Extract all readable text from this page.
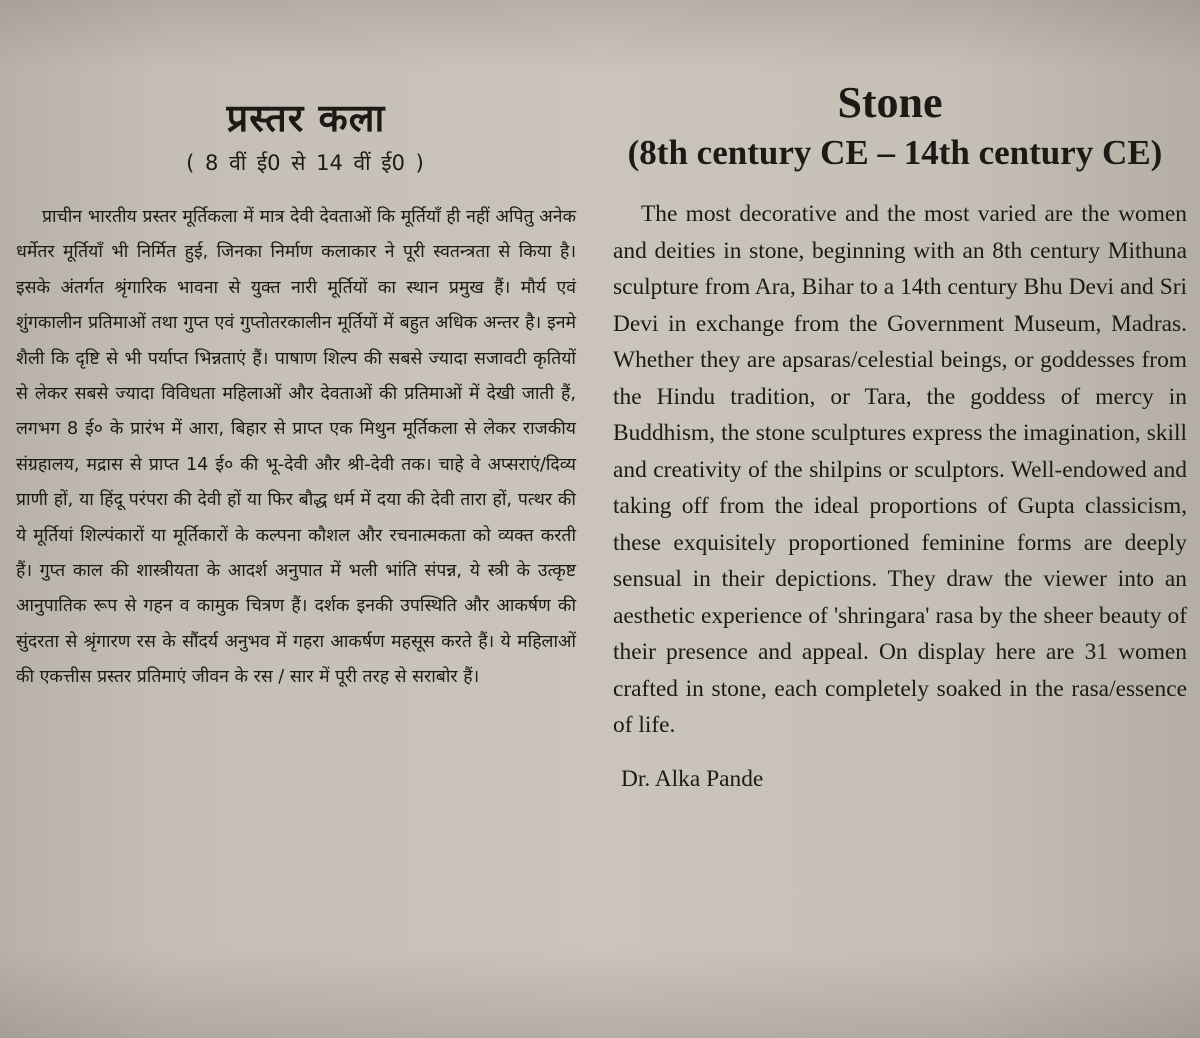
प्रस्तर कला
( 8 वीं ई0 से 14 वीं ई0 )
प्राचीन भारतीय प्रस्तर मूर्तिकला में मात्र देवी देवताओं कि मूर्तियाँ ही नहीं अपितु अनेक धर्मेतर मूर्तियाँ भी निर्मित हुई, जिनका निर्माण कलाकार ने पूरी स्वतन्त्रता से किया है। इसके अंतर्गत श्रृंगारिक भावना से युक्त नारी मूर्तियों का स्थान प्रमुख हैं। मौर्य एवं शुंगकालीन प्रतिमाओं तथा गुप्त एवं गुप्तोतरकालीन मूर्तियों में बहुत अधिक अन्तर है। इनमे शैली कि दृष्टि से भी पर्याप्त भिन्नताएं हैं। पाषाण शिल्प की सबसे ज्यादा सजावटी कृतियों से लेकर सबसे ज्यादा विविधता महिलाओं और देवताओं की प्रतिमाओं में देखी जाती हैं, लगभग 8 ई० के प्रारंभ में आरा, बिहार से प्राप्त एक मिथुन मूर्तिकला से लेकर राजकीय संग्रहालय, मद्रास से प्राप्त 14 ई० की भू-देवी और श्री-देवी तक। चाहे वे अप्सराएं/दिव्य प्राणी हों, या हिंदू परंपरा की देवी हों या फिर बौद्ध धर्म में दया की देवी तारा हों, पत्थर की ये मूर्तियां शिल्पंकारों या मूर्तिकारों के कल्पना कौशल और रचनात्मकता को व्यक्त करती हैं। गुप्त काल की शास्त्रीयता के आदर्श अनुपात में भली भांति संपन्न, ये स्त्री के उत्कृष्ट आनुपातिक रूप से गहन व कामुक चित्रण हैं। दर्शक इनकी उपस्थिति और आकर्षण की सुंदरता से श्रृंगारण रस के सौंदर्य अनुभव में गहरा आकर्षण महसूस करते हैं। ये महिलाओं की एकत्तीस प्रस्तर प्रतिमाएं जीवन के रस / सार में पूरी तरह से सराबोर हैं।
Stone
(8th century CE – 14th century CE)
The most decorative and the most varied are the women and deities in stone, beginning with an 8th century Mithuna sculpture from Ara, Bihar to a 14th century Bhu Devi and Sri Devi in exchange from the Government Museum, Madras. Whether they are apsaras/celestial beings, or goddesses from the Hindu tradition, or Tara, the goddess of mercy in Buddhism, the stone sculptures express the imagination, skill and creativity of the shilpins or sculptors. Well-endowed and taking off from the ideal proportions of Gupta classicism, these exquisitely proportioned feminine forms are deeply sensual in their depictions. They draw the viewer into an aesthetic experience of 'shringara' rasa by the sheer beauty of their presence and appeal. On display here are 31 women crafted in stone, each completely soaked in the rasa/essence of life.
Dr. Alka Pande
